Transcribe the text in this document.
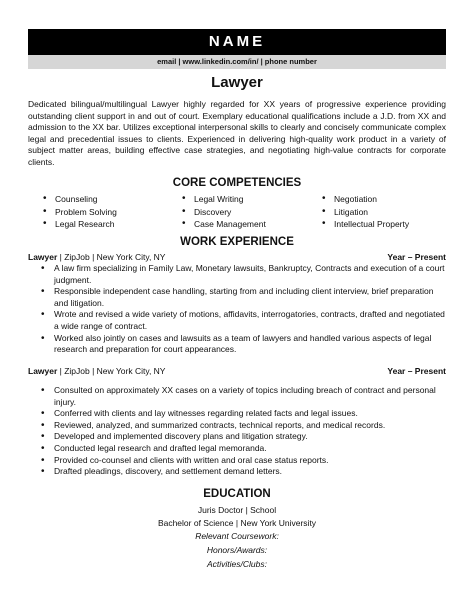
NAME
email | www.linkedin.com/in/ | phone number
Lawyer

Dedicated bilingual/multilingual Lawyer highly regarded for XX years of progressive experience providing outstanding client support in and out of court. Exemplary educational qualifications include a J.D. from XX and admission to the XX bar. Utilizes exceptional interpersonal skills to clearly and concisely communicate complex legal and precedential issues to clients. Experienced in delivering high-quality work product in a variety of subject matter areas, building effective case strategies, and negotiating high-value contracts for corporate clients.

CORE COMPETENCIES
• Counseling
• Problem Solving
• Legal Research
• Legal Writing
• Discovery
• Case Management
• Negotiation
• Litigation
• Intellectual Property
WORK EXPERIENCE
Lawyer | ZipJob | New York City, NY	Year – Present
• A law firm specializing in Family Law, Monetary lawsuits, Bankruptcy, Contracts and execution of a court judgment.
• Responsible independent case handling, starting from and including client interview, brief preparation and litigation.
• Wrote and revised a wide variety of motions, affidavits, interrogatories, contracts, drafted and negotiated a wide range of contract.
• Worked also jointly on cases and lawsuits as a team of lawyers and handled various aspects of legal research and preparation for court appearances.
Lawyer | ZipJob | New York City, NY	Year – Present
• Consulted on approximately XX cases on a variety of topics including breach of contract and personal injury.
• Conferred with clients and lay witnesses regarding related facts and legal issues.
• Reviewed, analyzed, and summarized contracts, technical reports, and medical records.
• Developed and implemented discovery plans and litigation strategy.
• Conducted legal research and drafted legal memoranda.
• Provided co-counsel and clients with written and oral case status reports.
• Drafted pleadings, discovery, and settlement demand letters.
EDUCATION
Juris Doctor | School
Bachelor of Science | New York University
Relevant Coursework:
Honors/Awards:
Activities/Clubs:
